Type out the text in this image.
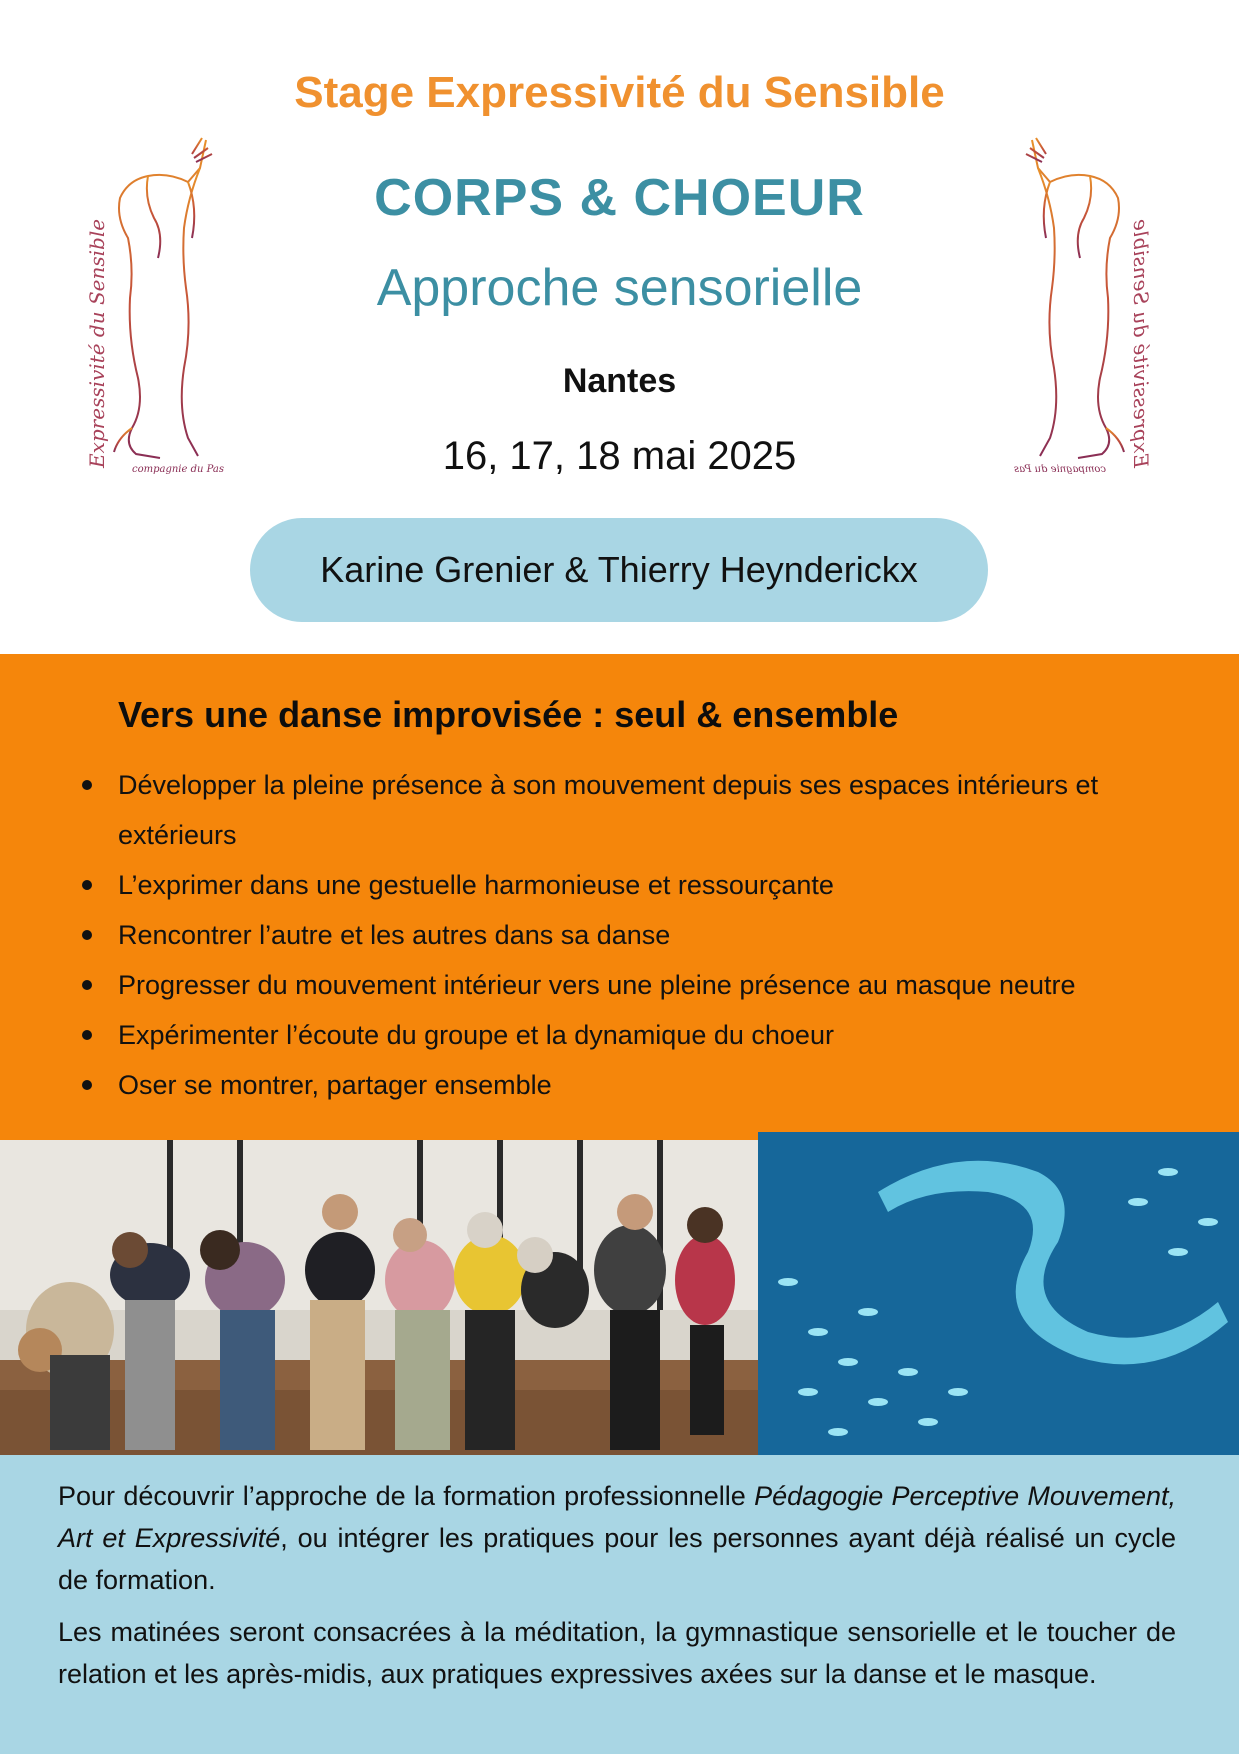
Stage Expressivité du Sensible
Expressivité du Sensible
compagnie du Pas
Expressivité du Sensible
compagnie du Pas
CORPS & CHOEUR
Approche sensorielle
Nantes
16, 17, 18 mai 2025
Karine Grenier & Thierry Heynderickx
Vers une danse improvisée : seul & ensemble
Développer la pleine présence à son mouvement depuis ses espaces intérieurs et extérieurs
L’exprimer dans une gestuelle harmonieuse et ressourçante
Rencontrer l’autre et les autres dans sa danse
Progresser du mouvement intérieur vers une pleine présence au masque neutre
Expérimenter l’écoute du groupe et la dynamique du choeur
Oser se montrer, partager ensemble

Pour découvrir l’approche de la formation professionnelle Pédagogie Perceptive Mouvement, Art et Expressivité, ou intégrer les pratiques pour les personnes ayant déjà réalisé un cycle de formation.

Les matinées seront consacrées à la méditation, la gymnastique sensorielle et le toucher de relation et les après-midis, aux pratiques expressives axées sur la danse et le masque.
